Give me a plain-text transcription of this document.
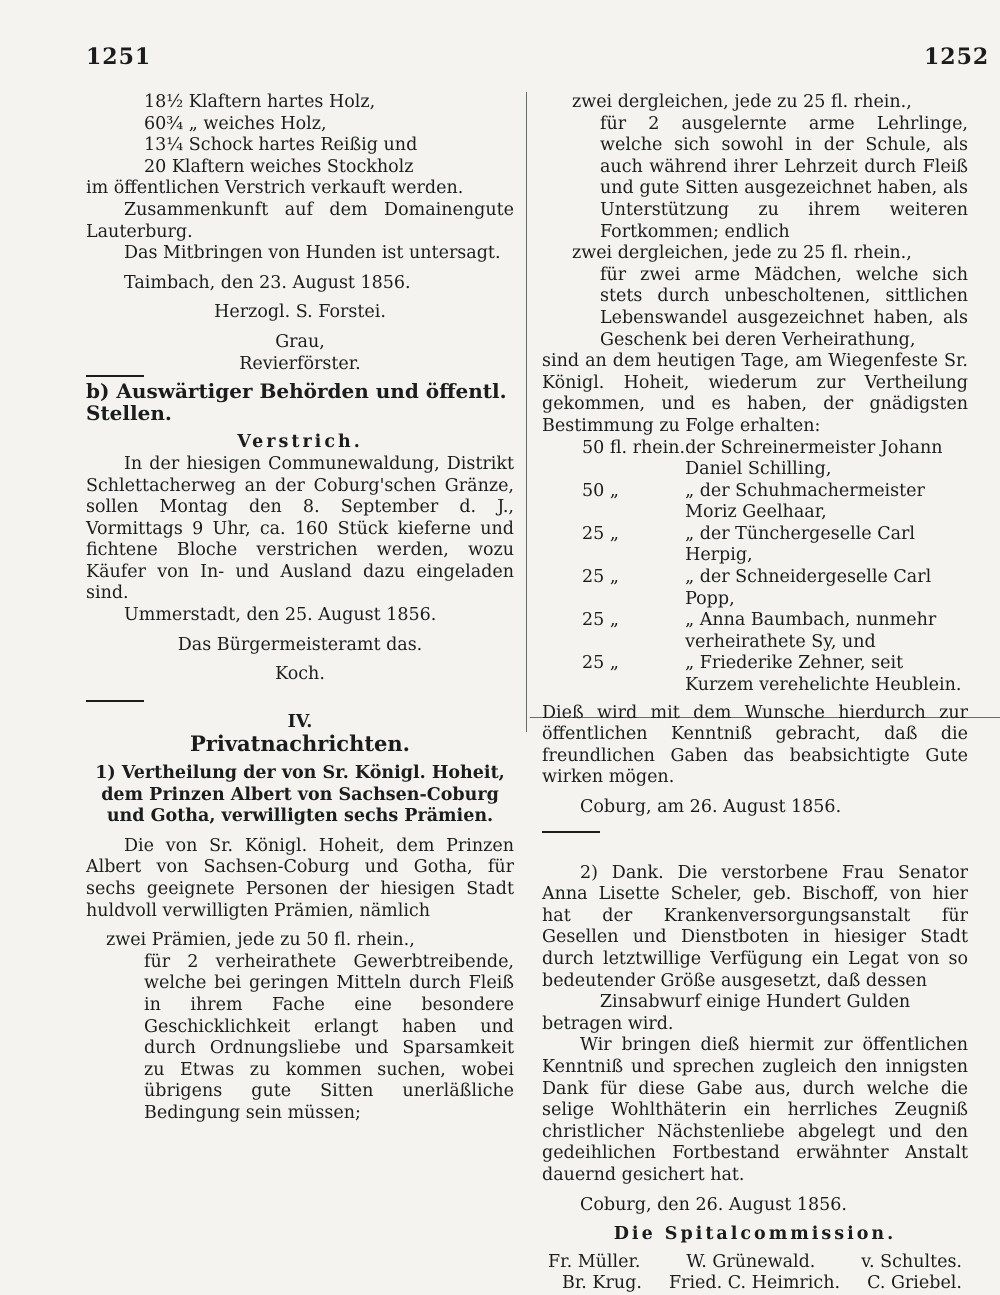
1251	1252

18½ Klaftern hartes Holz,

60¾ „ weiches Holz,

13¼ Schock hartes Reißig und

20 Klaftern weiches Stockholz

im öffentlichen Verstrich verkauft werden.

Zusammenkunft auf dem Domainengute Lauterburg.

Das Mitbringen von Hunden ist untersagt.

Taimbach, den 23. August 1856.

Herzogl. S. Forstei.

Grau,

Revierförster.

b) Auswärtiger Behörden und öffentl. Stellen.

Verstrich.

In der hiesigen Communewaldung, Distrikt Schlettacherweg an der Coburg'schen Gränze, sollen Montag den 8. September d. J., Vormittags 9 Uhr, ca. 160 Stück kieferne und fichtene Bloche verstrichen werden, wozu Käufer von In- und Ausland dazu eingeladen sind.

Ummerstadt, den 25. August 1856.

Das Bürgermeisteramt das.

Koch.

IV.

Privatnachrichten.

1) Vertheilung der von Sr. Königl. Hoheit, dem Prinzen Albert von Sachsen-Coburg und Gotha, verwilligten sechs Prämien.

Die von Sr. Königl. Hoheit, dem Prinzen Albert von Sachsen-Coburg und Gotha, für sechs geeignete Personen der hiesigen Stadt huldvoll verwilligten Prämien, nämlich

zwei Prämien, jede zu 50 fl. rhein.,

für 2 verheirathete Gewerbtreibende, welche bei geringen Mitteln durch Fleiß in ihrem Fache eine besondere Geschicklichkeit erlangt haben und durch Ordnungsliebe und Sparsamkeit zu Etwas zu kommen suchen, wobei übrigens gute Sitten unerläßliche Bedingung sein müssen;

zwei dergleichen, jede zu 25 fl. rhein.,

für 2 ausgelernte arme Lehrlinge, welche sich sowohl in der Schule, als auch während ihrer Lehrzeit durch Fleiß und gute Sitten ausgezeichnet haben, als Unterstützung zu ihrem weiteren Fortkommen; endlich

zwei dergleichen, jede zu 25 fl. rhein.,

für zwei arme Mädchen, welche sich stets durch unbescholtenen, sittlichen Lebenswandel ausgezeichnet haben, als Geschenk bei deren Verheirathung,

sind an dem heutigen Tage, am Wiegenfeste Sr. Königl. Hoheit, wiederum zur Vertheilung gekommen, und es haben, der gnädigsten Bestimmung zu Folge erhalten:

50 fl. rhein.	der Schreinermeister Johann Daniel Schilling,
50 „	„ der Schuhmachermeister Moriz Geelhaar,
25 „	„ der Tünchergeselle Carl Herpig,
25 „	„ der Schneidergeselle Carl Popp,
25 „	„ Anna Baumbach, nunmehr verheirathete Sy, und
25 „	„ Friederike Zehner, seit Kurzem verehelichte Heublein.

Dieß wird mit dem Wunsche hierdurch zur öffentlichen Kenntniß gebracht, daß die freundlichen Gaben das beabsichtigte Gute wirken mögen.

Coburg, am 26. August 1856.

2) Dank. Die verstorbene Frau Senator Anna Lisette Scheler, geb. Bischoff, von hier hat der Krankenversorgungsanstalt für Gesellen und Dienstboten in hiesiger Stadt durch letztwillige Verfügung ein Legat von so bedeutender Größe ausgesetzt, daß dessen

Zinsabwurf einige Hundert Gulden

betragen wird.

Wir bringen dieß hiermit zur öffentlichen Kenntniß und sprechen zugleich den innigsten Dank für diese Gabe aus, durch welche die selige Wohlthäterin ein herrliches Zeugniß christlicher Nächstenliebe abgelegt und den gedeihlichen Fortbestand erwähnter Anstalt dauernd gesichert hat.

Coburg, den 26. August 1856.

Die Spitalcommission.

Fr. Müller.	W. Grünewald.	v. Schultes.
Br. Krug. Fried. C. Heimrich. C. Griebel.
